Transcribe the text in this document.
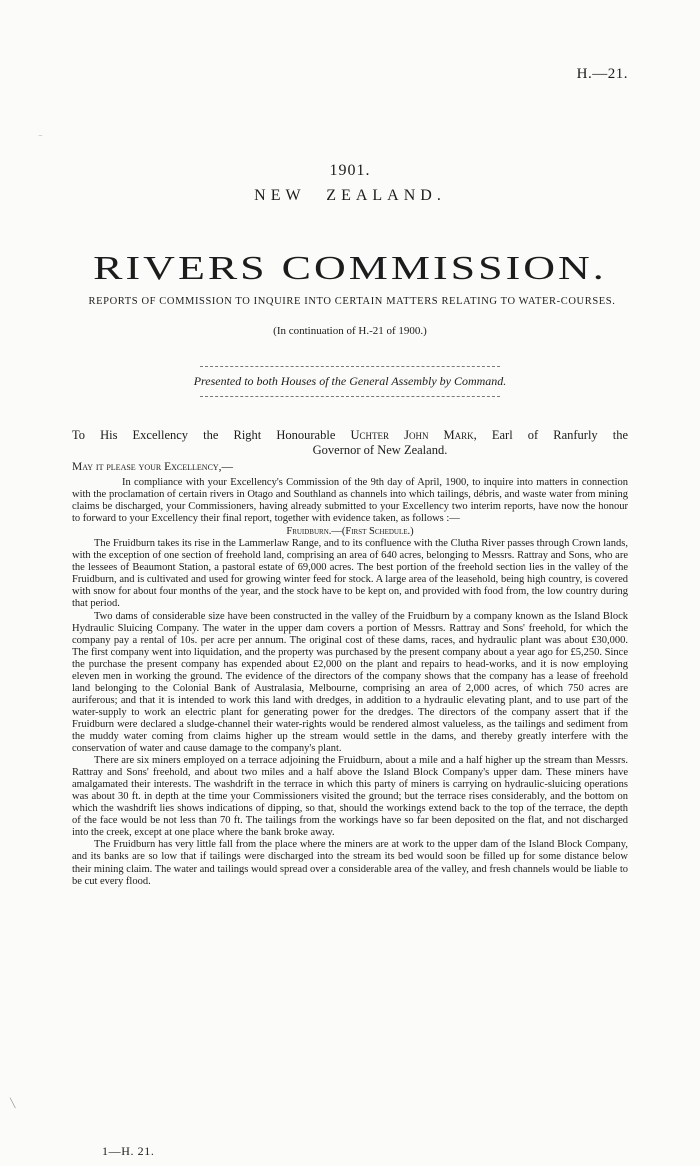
H.—21.
1901.
NEW ZEALAND.
RIVERS COMMISSION.
REPORTS OF COMMISSION TO INQUIRE INTO CERTAIN MATTERS RELATING TO WATER-COURSES.
(In continuation of H.-21 of 1900.)
Presented to both Houses of the General Assembly by Command.
To His Excellency the Right Honourable Uchter John Mark, Earl of Ranfurly the
Governor of New Zealand.
May it please your Excellency,—

In compliance with your Excellency's Commission of the 9th day of April, 1900, to inquire into matters in connection with the proclamation of certain rivers in Otago and Southland as channels into which tailings, débris, and waste water from mining claims be discharged, your Commissioners, having already submitted to your Excellency two interim reports, have now the honour to forward to your Excellency their final report, together with evidence taken, as follows :—

Fruidburn.—(First Schedule.)

The Fruidburn takes its rise in the Lammerlaw Range, and to its confluence with the Clutha River passes through Crown lands, with the exception of one section of freehold land, comprising an area of 640 acres, belonging to Messrs. Rattray and Sons, who are the lessees of Beaumont Station, a pastoral estate of 69,000 acres. The best portion of the freehold section lies in the valley of the Fruidburn, and is cultivated and used for growing winter feed for stock. A large area of the leasehold, being high country, is covered with snow for about four months of the year, and the stock have to be kept on, and provided with food from, the low country during that period.

Two dams of considerable size have been constructed in the valley of the Fruidburn by a company known as the Island Block Hydraulic Sluicing Company. The water in the upper dam covers a portion of Messrs. Rattray and Sons' freehold, for which the company pay a rental of 10s. per acre per annum. The original cost of these dams, races, and hydraulic plant was about £30,000. The first company went into liquidation, and the property was purchased by the present company about a year ago for £5,250. Since the purchase the present company has expended about £2,000 on the plant and repairs to head-works, and it is now employing eleven men in working the ground. The evidence of the directors of the company shows that the company has a lease of freehold land belonging to the Colonial Bank of Australasia, Melbourne, comprising an area of 2,000 acres, of which 750 acres are auriferous; and that it is intended to work this land with dredges, in addition to a hydraulic elevating plant, and to use part of the water-supply to work an electric plant for generating power for the dredges. The directors of the company assert that if the Fruidburn were declared a sludge-channel their water-rights would be rendered almost valueless, as the tailings and sediment from the muddy water coming from claims higher up the stream would settle in the dams, and thereby greatly interfere with the conservation of water and cause damage to the company's plant.

There are six miners employed on a terrace adjoining the Fruidburn, about a mile and a half higher up the stream than Messrs. Rattray and Sons' freehold, and about two miles and a half above the Island Block Company's upper dam. These miners have amalgamated their interests. The washdrift in the terrace in which this party of miners is carrying on hydraulic-sluicing operations was about 30 ft. in depth at the time your Commissioners visited the ground; but the terrace rises considerably, and the bottom on which the washdrift lies shows indications of dipping, so that, should the workings extend back to the top of the terrace, the depth of the face would be not less than 70 ft. The tailings from the workings have so far been deposited on the flat, and not discharged into the creek, except at one place where the bank broke away.

The Fruidburn has very little fall from the place where the miners are at work to the upper dam of the Island Block Company, and its banks are so low that if tailings were discharged into the stream its bed would soon be filled up for some distance below their mining claim. The water and tailings would spread over a considerable area of the valley, and fresh channels would be liable to be cut every flood.

1—H. 21.
⁻
╲
